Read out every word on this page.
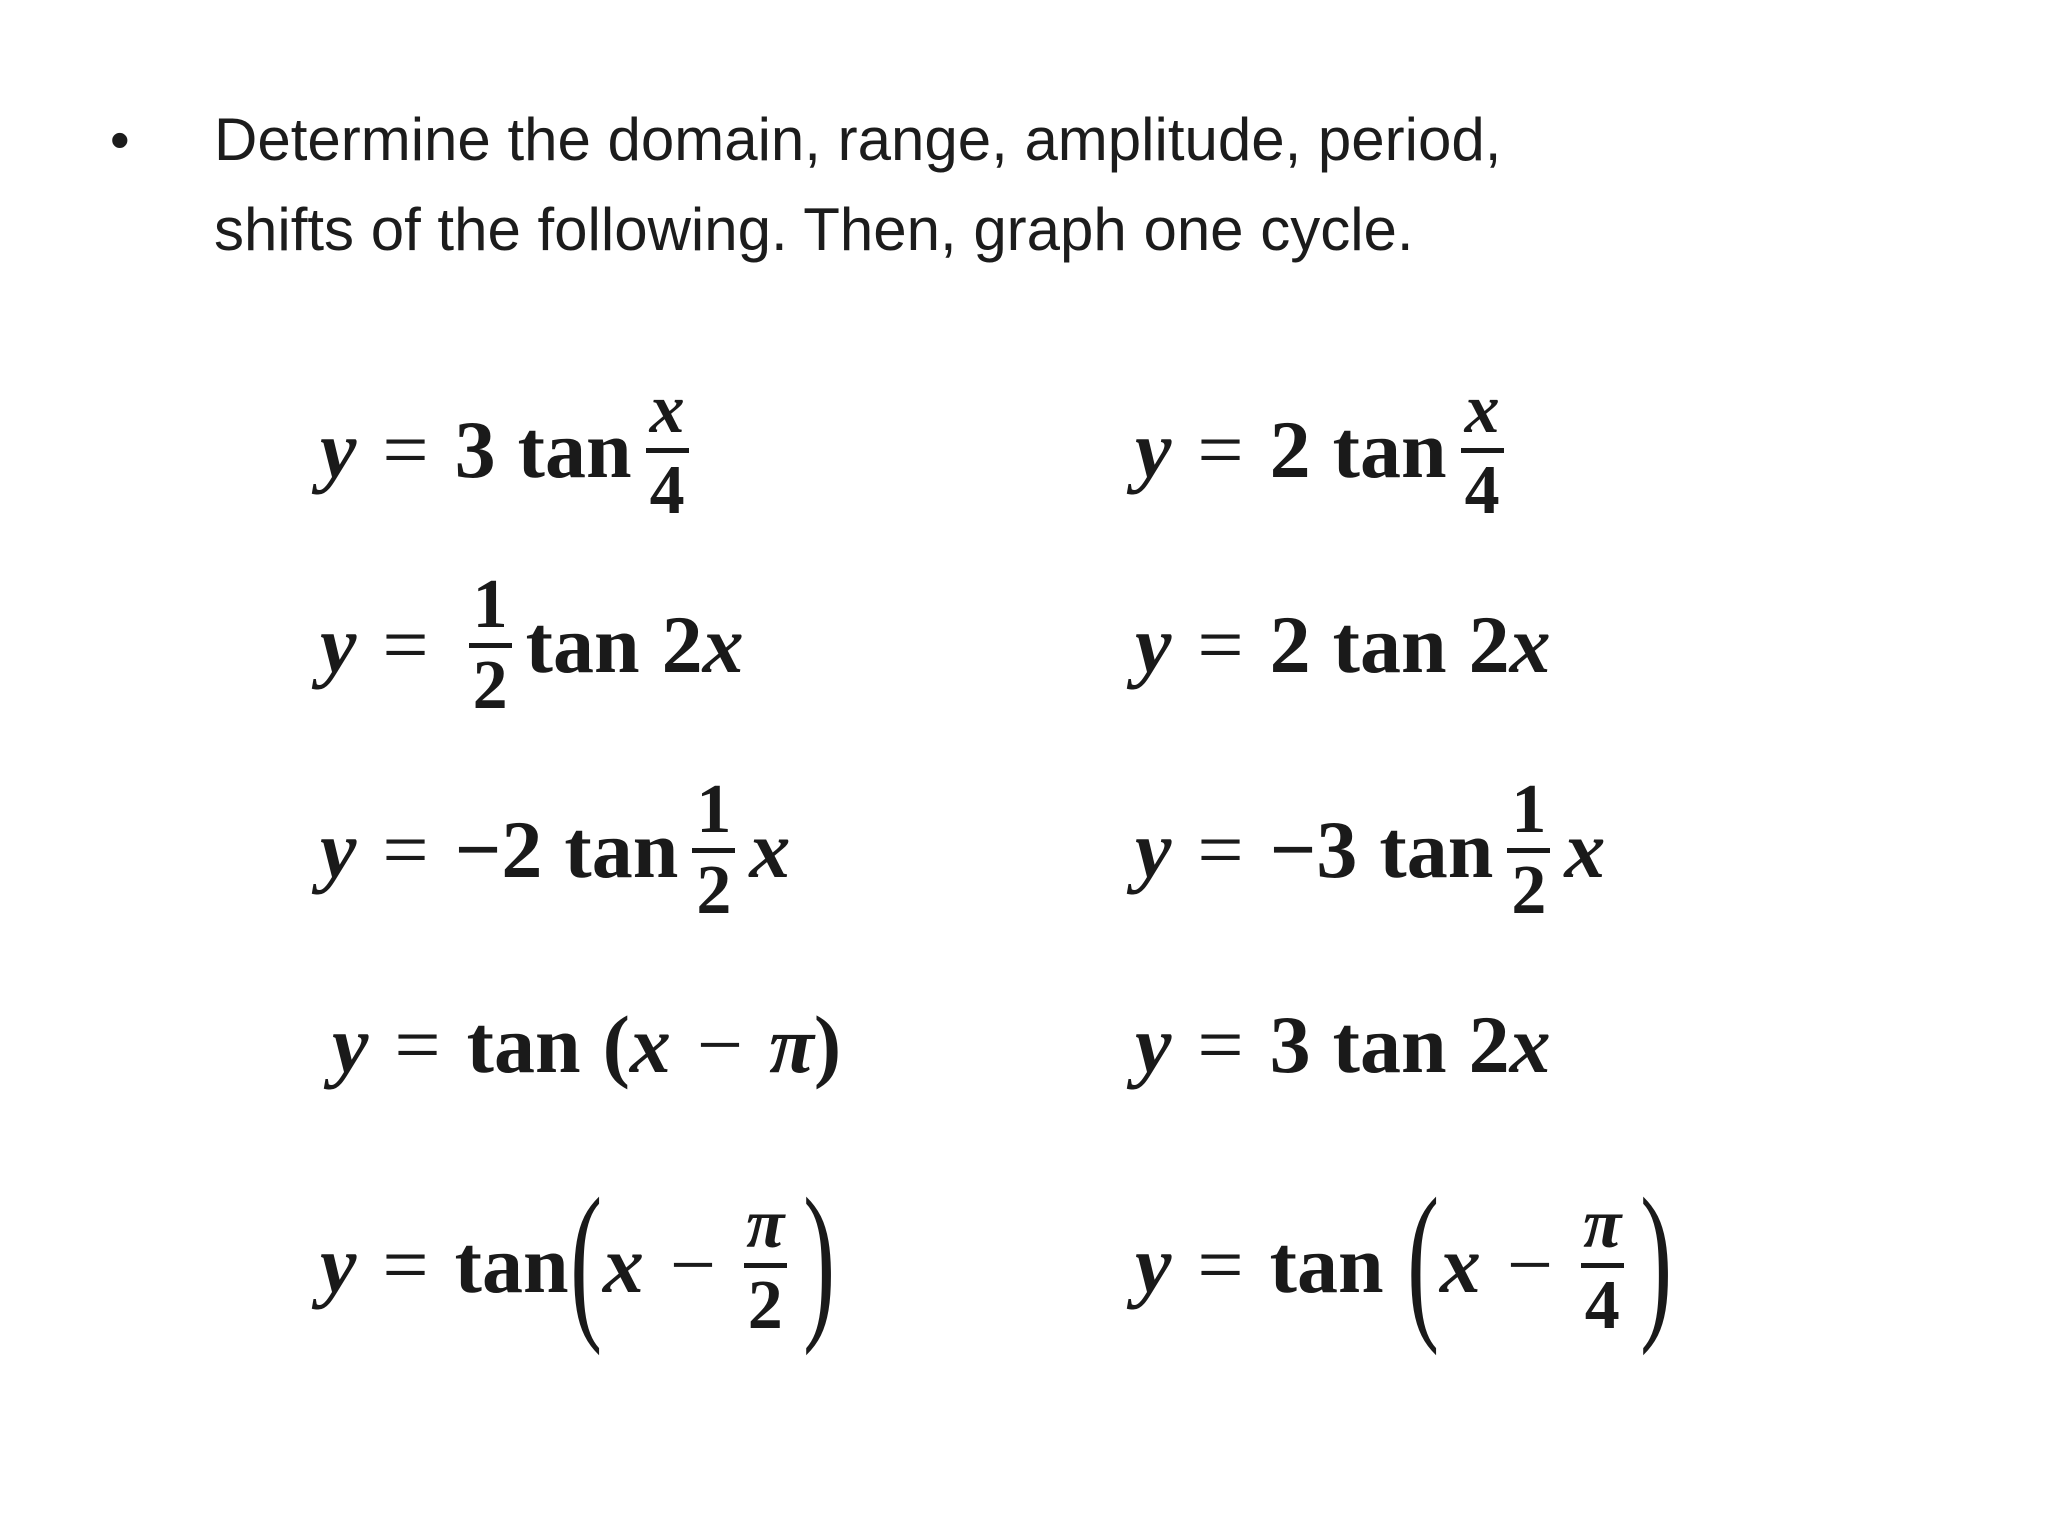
•	Determine the domain, range, amplitude, period,
shifts of the following. Then, graph one cycle.
y = 3 $\tan \frac{x}{4}$	y = 2 $\tan \frac{x}{4}$
$y = \frac{1}{2}$ tan 2 x	y = 2 tan 2 x
y = −2 $\tan \frac{1}{2}$ x	y = −3 $\tan \frac{1}{2}$ x
y = tan ( x − π )	y = 3 tan 2 x
y = tan ( $x - \frac{\pi}{2}$ )	y = tan ( $x - \frac{\pi}{4}$ )
